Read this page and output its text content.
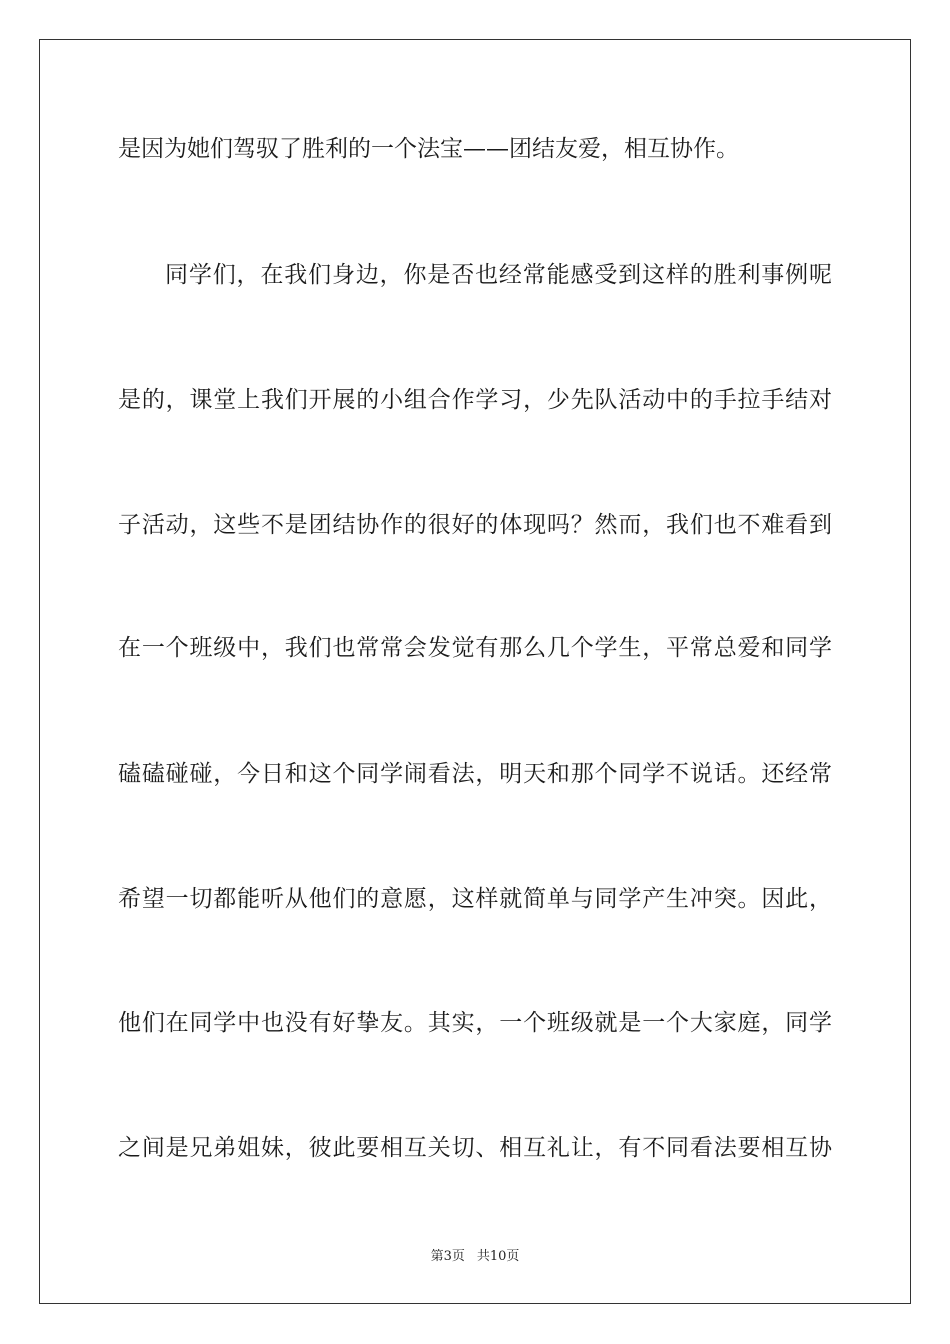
是因为她们驾驭了胜利的一个法宝——团结友爱，相互协作。
同学们，在我们身边，你是否也经常能感受到这样的胜利事例呢
是的，课堂上我们开展的小组合作学习，少先队活动中的手拉手结对
子活动，这些不是团结协作的很好的体现吗？然而，我们也不难看到
在一个班级中，我们也常常会发觉有那么几个学生，平常总爱和同学
磕磕碰碰，今日和这个同学闹看法，明天和那个同学不说话。还经常
希望一切都能听从他们的意愿，这样就简单与同学产生冲突。因此，
他们在同学中也没有好挚友。其实，一个班级就是一个大家庭，同学
之间是兄弟姐妹，彼此要相互关切、相互礼让，有不同看法要相互协
第3页 共10页
